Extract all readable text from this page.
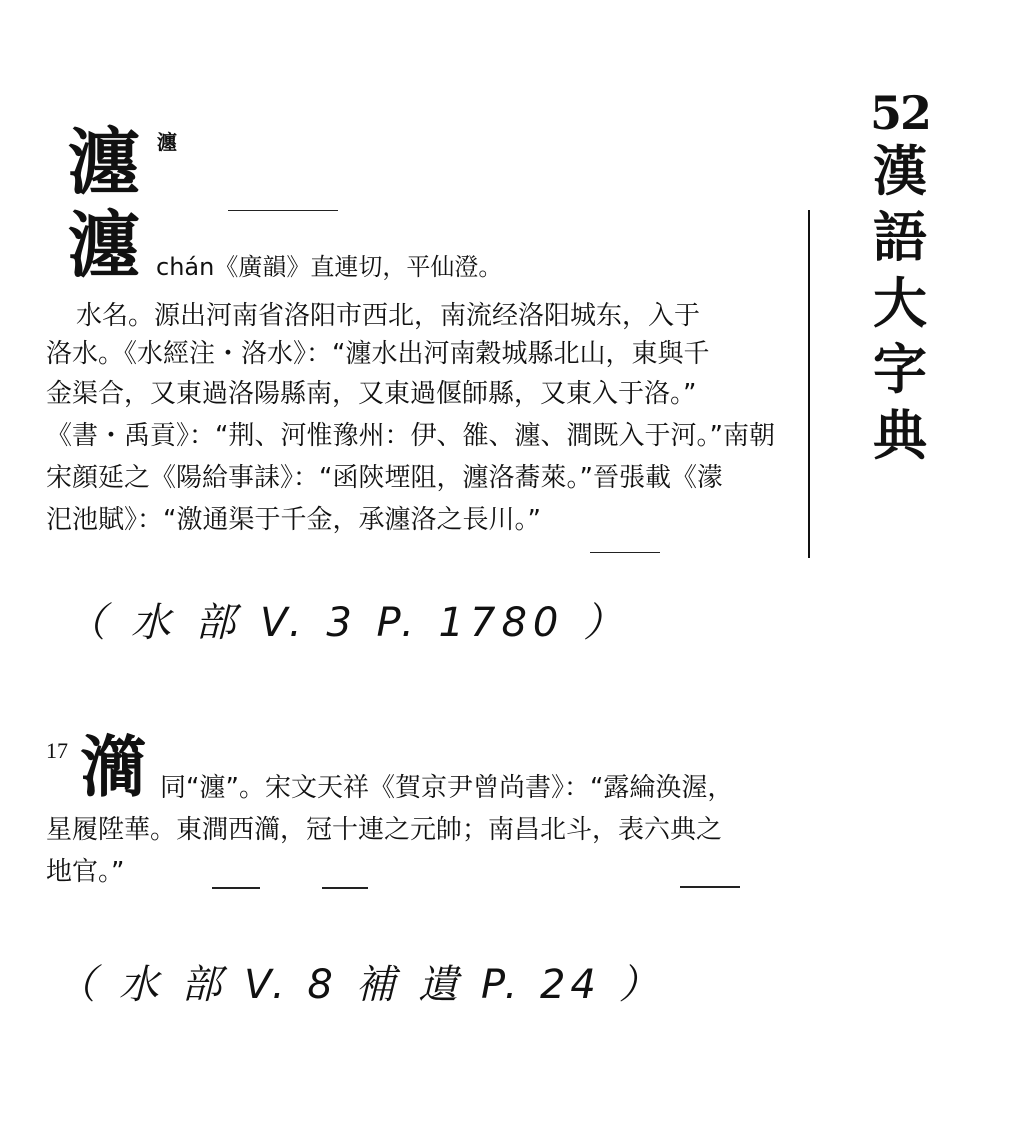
52
漢
語
大
字
典
瀍 瀍
瀍 chán《廣韻》直連切，平仙澄。
水名。源出河南省洛阳市西北，南流经洛阳城东，入于
洛水。《水經注・洛水》：“瀍水出河南穀城縣北山，東與千
金渠合，又東過洛陽縣南，又東過偃師縣，又東入于洛。”
《書・禹貢》：“荆、河惟豫州：伊、雒、瀍、澗既入于河。”南朝
宋顔延之《陽給事誄》：“函陝堙阻，瀍洛蕎萊。”晉張載《濛
汜池賦》：“激通渠于千金，承瀍洛之長川。”
（ 水 部 V. 3 P. 1780 ）
17 㶕 同“瀍”。宋文天祥《賀京尹曾尚書》：“露綸涣渥，
星履陞華。東澗西㶕，冠十連之元帥；南昌北斗，表六典之
地官。”
（ 水 部 V. 8 補 遺 P. 24 ）
